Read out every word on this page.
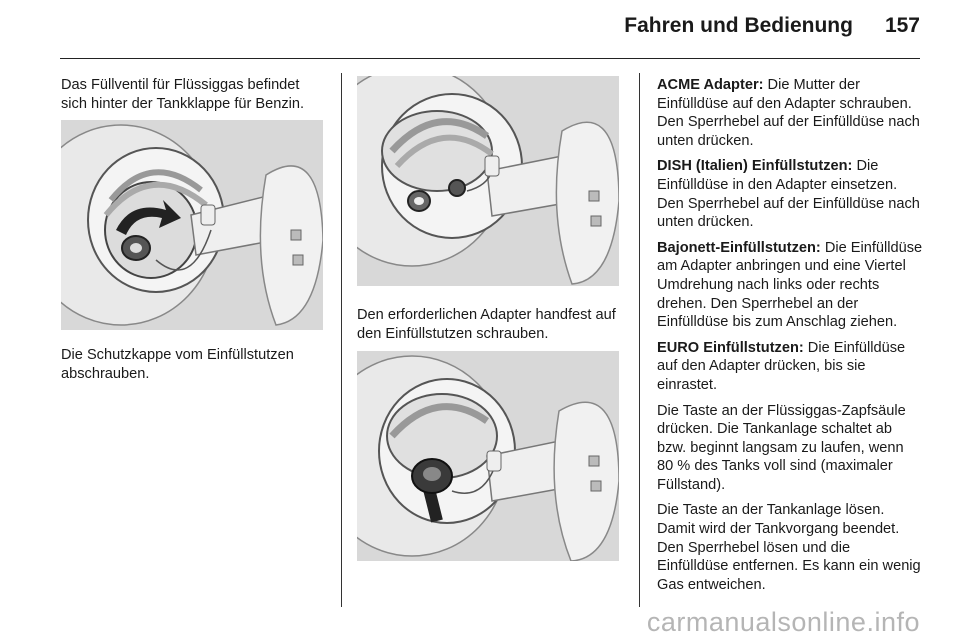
Fahren und Bedienung 157

Das Füllventil für Flüssiggas befindet sich hinter der Tankklappe für Benzin.

Die Schutzkappe vom Einfüllstutzen abschrauben.

Den erforderlichen Adapter handfest auf den Einfüllstutzen schrauben.

ACME Adapter: Die Mutter der Einfülldüse auf den Adapter schrauben. Den Sperrhebel auf der Einfülldüse nach unten drücken.

DISH (Italien) Einfüllstutzen: Die Einfülldüse in den Adapter einsetzen. Den Sperrhebel auf der Einfülldüse nach unten drücken.

Bajonett-Einfüllstutzen: Die Einfülldüse am Adapter anbringen und eine Viertel Umdrehung nach links oder rechts drehen. Den Sperrhebel an der Einfülldüse bis zum Anschlag ziehen.

EURO Einfüllstutzen: Die Einfülldüse auf den Adapter drücken, bis sie einrastet.

Die Taste an der Flüssiggas-Zapfsäule drücken. Die Tankanlage schaltet ab bzw. beginnt langsam zu laufen, wenn 80 % des Tanks voll sind (maximaler Füllstand).

Die Taste an der Tankanlage lösen. Damit wird der Tankvorgang beendet. Den Sperrhebel lösen und die Einfülldüse entfernen. Es kann ein wenig Gas entweichen.

carmanualsonline.info
